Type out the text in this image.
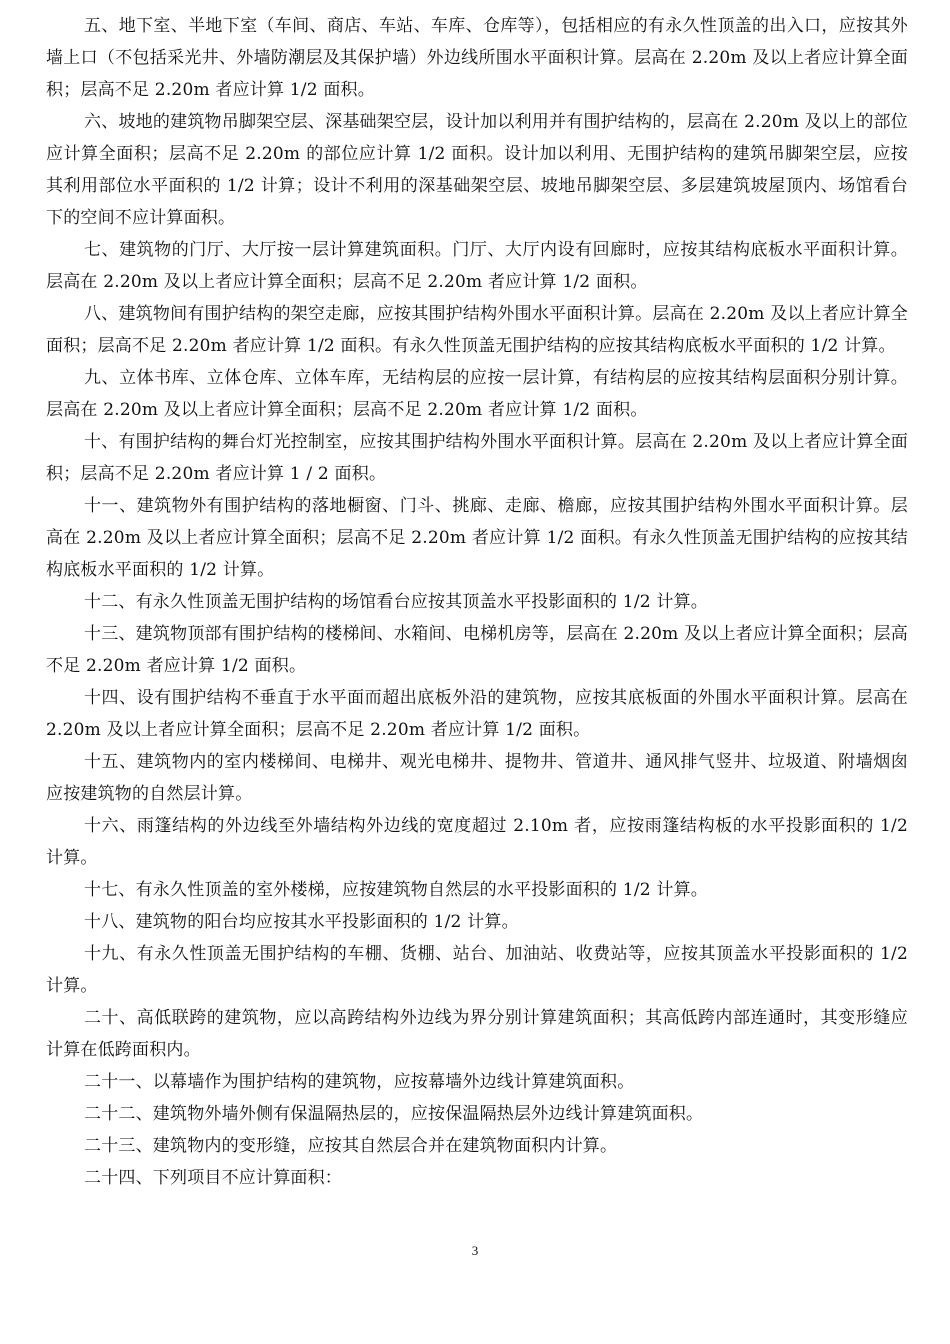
五、地下室、半地下室（车间、商店、车站、车库、仓库等），包括相应的有永久性顶盖的出入口，应按其外墙上口（不包括采光井、外墙防潮层及其保护墙）外边线所围水平面积计算。层高在 2.20m 及以上者应计算全面积；层高不足 2.20m 者应计算 1/2 面积。

六、坡地的建筑物吊脚架空层、深基础架空层，设计加以利用并有围护结构的，层高在 2.20m 及以上的部位应计算全面积；层高不足 2.20m 的部位应计算 1/2 面积。设计加以利用、无围护结构的建筑吊脚架空层，应按其利用部位水平面积的 1/2 计算；设计不利用的深基础架空层、坡地吊脚架空层、多层建筑坡屋顶内、场馆看台下的空间不应计算面积。

七、建筑物的门厅、大厅按一层计算建筑面积。门厅、大厅内设有回廊时，应按其结构底板水平面积计算。层高在 2.20m 及以上者应计算全面积；层高不足 2.20m 者应计算 1/2 面积。

八、建筑物间有围护结构的架空走廊，应按其围护结构外围水平面积计算。层高在 2.20m 及以上者应计算全面积；层高不足 2.20m 者应计算 1/2 面积。有永久性顶盖无围护结构的应按其结构底板水平面积的 1/2 计算。

九、立体书库、立体仓库、立体车库，无结构层的应按一层计算，有结构层的应按其结构层面积分别计算。层高在 2.20m 及以上者应计算全面积；层高不足 2.20m 者应计算 1/2 面积。

十、有围护结构的舞台灯光控制室，应按其围护结构外围水平面积计算。层高在 2.20m 及以上者应计算全面积；层高不足 2.20m 者应计算 1 / 2 面积。

十一、建筑物外有围护结构的落地橱窗、门斗、挑廊、走廊、檐廊，应按其围护结构外围水平面积计算。层高在 2.20m 及以上者应计算全面积；层高不足 2.20m 者应计算 1/2 面积。有永久性顶盖无围护结构的应按其结构底板水平面积的 1/2 计算。

十二、有永久性顶盖无围护结构的场馆看台应按其顶盖水平投影面积的 1/2 计算。

十三、建筑物顶部有围护结构的楼梯间、水箱间、电梯机房等，层高在 2.20m 及以上者应计算全面积；层高不足 2.20m 者应计算 1/2 面积。

十四、设有围护结构不垂直于水平面而超出底板外沿的建筑物，应按其底板面的外围水平面积计算。层高在 2.20m 及以上者应计算全面积；层高不足 2.20m 者应计算 1/2 面积。

十五、建筑物内的室内楼梯间、电梯井、观光电梯井、提物井、管道井、通风排气竖井、垃圾道、附墙烟囱应按建筑物的自然层计算。

十六、雨篷结构的外边线至外墙结构外边线的宽度超过 2.10m 者，应按雨篷结构板的水平投影面积的 1/2 计算。

十七、有永久性顶盖的室外楼梯，应按建筑物自然层的水平投影面积的 1/2 计算。

十八、建筑物的阳台均应按其水平投影面积的 1/2 计算。

十九、有永久性顶盖无围护结构的车棚、货棚、站台、加油站、收费站等，应按其顶盖水平投影面积的 1/2 计算。

二十、高低联跨的建筑物，应以高跨结构外边线为界分别计算建筑面积；其高低跨内部连通时，其变形缝应计算在低跨面积内。

二十一、以幕墙作为围护结构的建筑物，应按幕墙外边线计算建筑面积。

二十二、建筑物外墙外侧有保温隔热层的，应按保温隔热层外边线计算建筑面积。

二十三、建筑物内的变形缝，应按其自然层合并在建筑物面积内计算。

二十四、下列项目不应计算面积：

3
